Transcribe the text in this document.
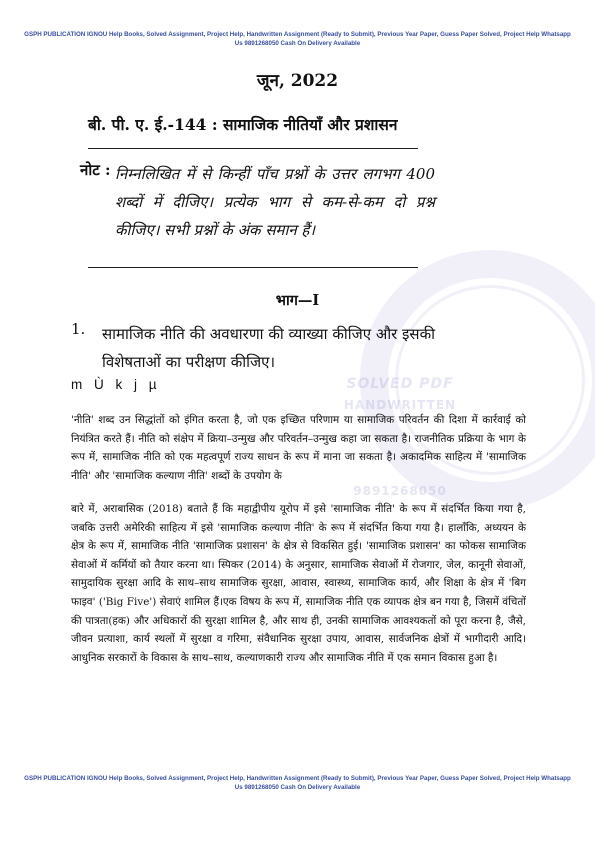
SOLVED PDF
HANDWRITTEN
9891268050
GSPH PUBLICATION IGNOU Help Books, Solved Assignment, Project Help, Handwritten Assignment (Ready to Submit), Previous Year Paper, Guess Paper Solved, Project Help Whatsapp Us 9891268050 Cash On Delivery Available
जून, 2022
बी. पी. ए. ई.-144 : सामाजिक नीतियाँ और प्रशासन
नोट : निम्नलिखित में से किन्हीं पाँच प्रश्नों के उत्तर लगभग 400 शब्दों में दीजिए। प्रत्येक भाग से कम-से-कम दो प्रश्न कीजिए। सभी प्रश्नों के अंक समान हैं।
भाग—I
1. सामाजिक नीति की अवधारणा की व्याख्या कीजिए और इसकी विशेषताओं का परीक्षण कीजिए।
m Ù k j µ
'नीति' शब्द उन सिद्धांतों को इंगित करता है, जो एक इच्छित परिणाम या सामाजिक परिवर्तन की दिशा में कार्रवाई को नियंत्रित करते हैं। नीति को संक्षेप में क्रिया–उन्मुख और परिवर्तन–उन्मुख कहा जा सकता है। राजनीतिक प्रक्रिया के भाग के रूप में, सामाजिक नीति को एक महत्वपूर्ण राज्य साधन के रूप में माना जा सकता है। अकादमिक साहित्य में 'सामाजिक नीति' और 'सामाजिक कल्याण नीति' शब्दों के उपयोग के
बारे में, अराबासिक (2018) बताते हैं कि महाद्वीपीय यूरोप में इसे 'सामाजिक नीति' के रूप में संदर्भित किया गया है, जबकि उत्तरी अमेरिकी साहित्य में इसे 'सामाजिक कल्याण नीति' के रूप में संदर्भित किया गया है। हालाँकि, अध्ययन के क्षेत्र के रूप में, सामाजिक नीति 'सामाजिक प्रशासन' के क्षेत्र से विकसित हुई। 'सामाजिक प्रशासन' का फोकस सामाजिक सेवाओं में कर्मियों को तैयार करना था। स्पिकर (2014) के अनुसार, सामाजिक सेवाओं में रोजगार, जेल, कानूनी सेवाओं, सामुदायिक सुरक्षा आदि के साथ–साथ सामाजिक सुरक्षा, आवास, स्वास्थ्य, सामाजिक कार्य, और शिक्षा के क्षेत्र में 'बिग फाइव' ('Big Five') सेवाएं शामिल हैं।एक विषय के रूप में, सामाजिक नीति एक व्यापक क्षेत्र बन गया है, जिसमें वंचितों की पात्रता(हक) और अधिकारों की सुरक्षा शामिल है, और साथ ही, उनकी सामाजिक आवश्यकतों को पूरा करना है, जैसे, जीवन प्रत्याशा, कार्य स्थलों में सुरक्षा व गरिमा, संवैधानिक सुरक्षा उपाय, आवास, सार्वजनिक क्षेत्रों में भागीदारी आदि। आधुनिक सरकारों के विकास के साथ–साथ, कल्याणकारी राज्य और सामाजिक नीति में एक समान विकास हुआ है।
GSPH PUBLICATION IGNOU Help Books, Solved Assignment, Project Help, Handwritten Assignment (Ready to Submit), Previous Year Paper, Guess Paper Solved, Project Help Whatsapp Us 9891268050 Cash On Delivery Available
